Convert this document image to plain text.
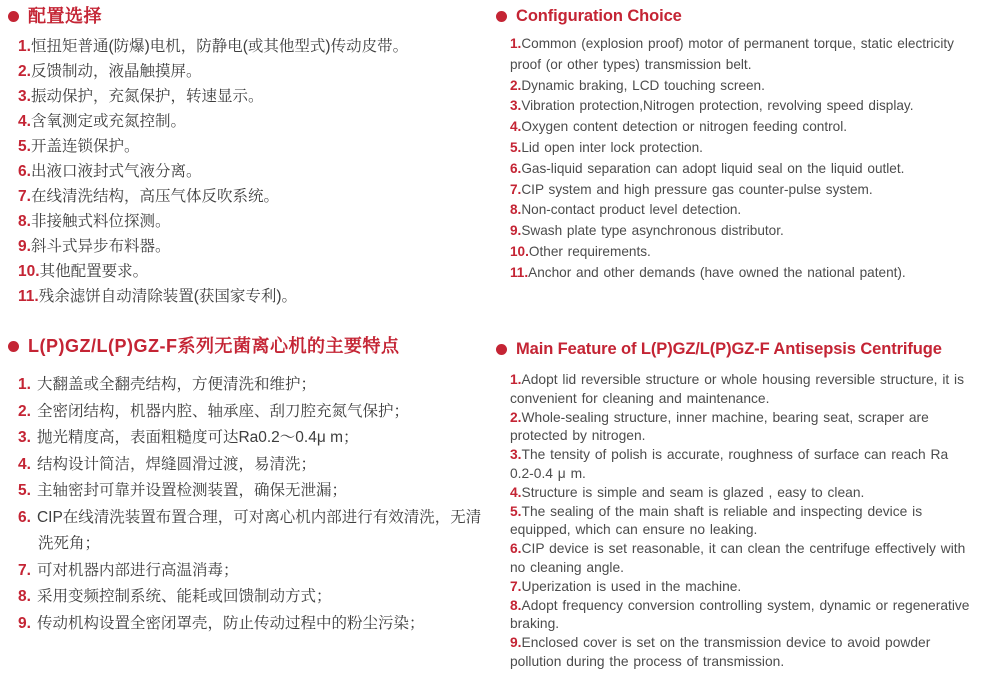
配置选择
1.恒扭矩普通(防爆)电机，防静电(或其他型式)传动皮带。
2.反馈制动，液晶触摸屏。
3.振动保护，充氮保护，转速显示。
4.含氧测定或充氮控制。
5.开盖连锁保护。
6.出液口液封式气液分离。
7.在线清洗结构，高压气体反吹系统。
8.非接触式料位探测。
9.斜斗式异步布料器。
10.其他配置要求。
11.残余滤饼自动清除装置(获国家专利)。
Configuration Choice
1.Common (explosion proof) motor of permanent torque, static electricity proof (or other types) transmission belt.
2.Dynamic braking, LCD touching screen.
3.Vibration protection,Nitrogen protection, revolving speed display.
4.Oxygen content detection or nitrogen feeding control.
5.Lid open inter lock protection.
6.Gas-liquid separation can adopt liquid seal on the liquid outlet.
7.CIP system and high pressure gas counter-pulse system.
8.Non-contact product level detection.
9.Swash plate type asynchronous distributor.
10.Other requirements.
11.Anchor and other demands (have owned the national patent).
L(P)GZ/L(P)GZ-F系列无菌离心机的主要特点
1. 大翻盖或全翻壳结构，方便清洗和维护；
2. 全密闭结构，机器内腔、轴承座、刮刀腔充氮气保护；
3. 抛光精度高，表面粗糙度可达Ra0.2～0.4μ m；
4. 结构设计简洁，焊缝圆滑过渡，易清洗；
5. 主轴密封可靠并设置检测装置，确保无泄漏；
6. CIP在线清洗装置布置合理，可对离心机内部进行有效清洗，无清洗死角；
7. 可对机器内部进行高温消毒；
8. 采用变频控制系统、能耗或回馈制动方式；
9. 传动机构设置全密闭罩壳，防止传动过程中的粉尘污染；
Main Feature of L(P)GZ/L(P)GZ-F Antisepsis Centrifuge
1.Adopt lid reversible structure or whole housing reversible structure, it is convenient for cleaning and maintenance.
2.Whole-sealing structure, inner machine, bearing seat, scraper are protected by nitrogen.
3.The tensity of polish is accurate, roughness of surface can reach Ra 0.2-0.4 μ m.
4.Structure is simple and seam is glazed , easy to clean.
5.The sealing of the main shaft is reliable and inspecting device is equipped, which can ensure no leaking.
6.CIP device is set reasonable, it can clean the centrifuge effectively with no cleaning angle.
7.Uperization is used in the machine.
8.Adopt frequency conversion controlling system, dynamic or regenerative braking.
9.Enclosed cover is set on the transmission device to avoid powder pollution during the process of transmission.
